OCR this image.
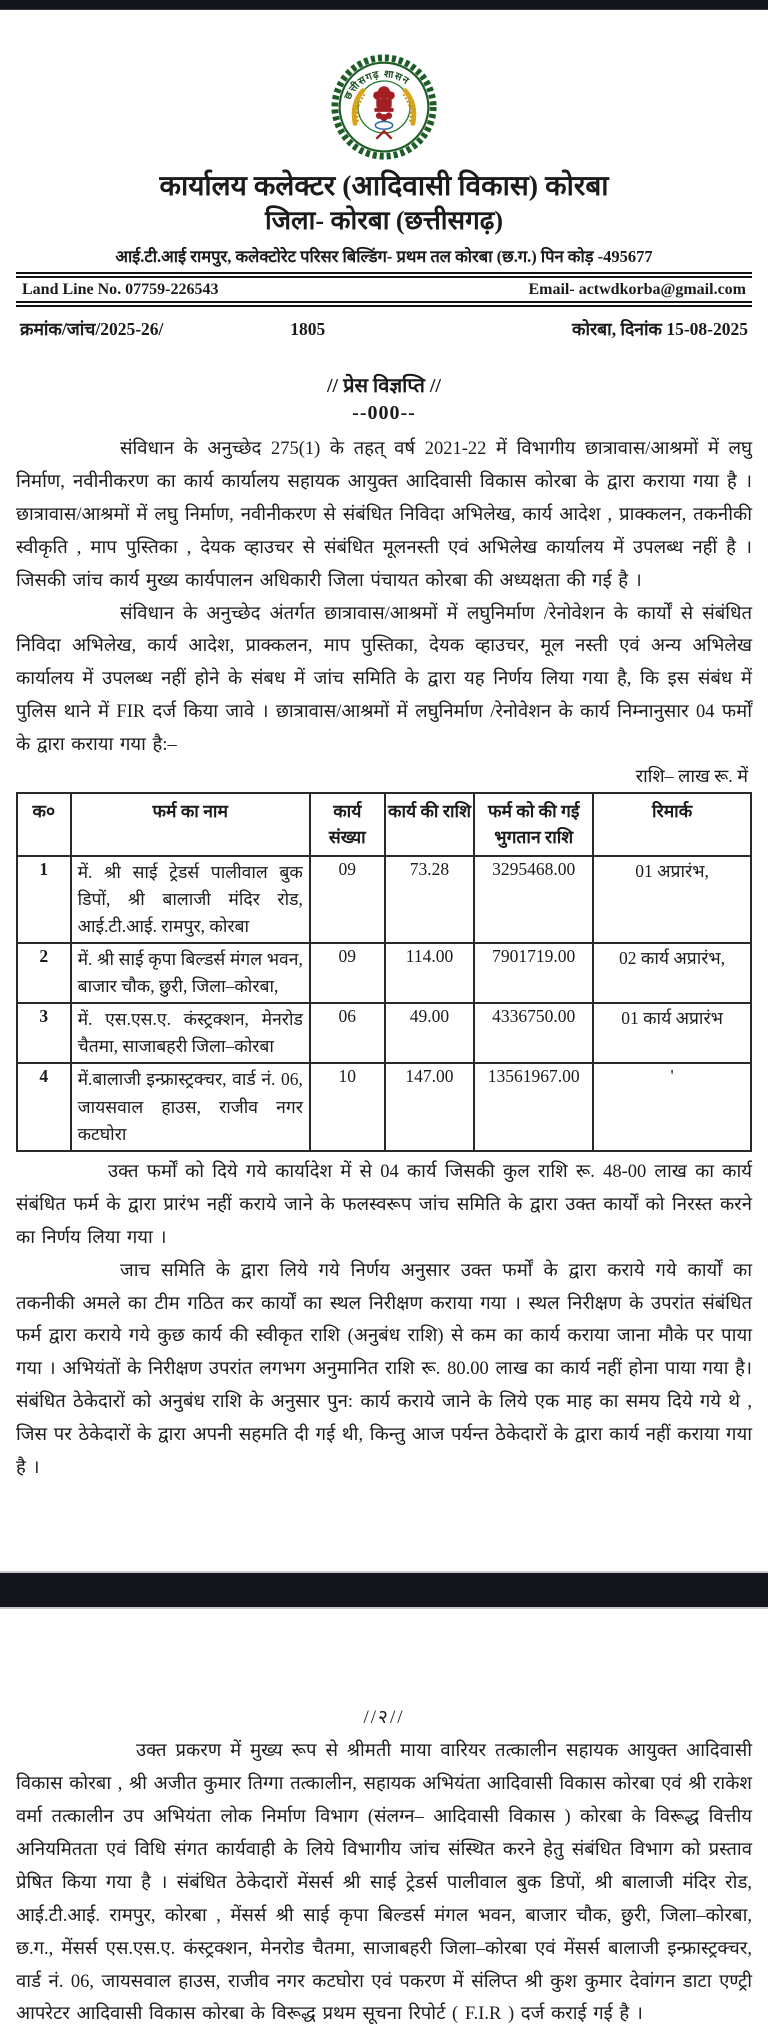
छत्तीसगढ़ शासन
कार्यालय कलेक्टर (आदिवासी विकास) कोरबा
जिला- कोरबा (छत्तीसगढ़)
आई.टी.आई रामपुर, कलेक्टोरेट परिसर बिल्डिंग- प्रथम तल कोरबा (छ.ग.) पिन कोड़ -495677
Land Line No. 07759-226543	Email- actwdkorba@gmail.com
क्रमांक/जांच/2025-26/	1805	कोरबा, दिनांक 15-08-2025
// प्रेस विज्ञप्ति //
--000--

संविधान के अनुच्छेद 275(1) के तहत् वर्ष 2021-22 में विभागीय छात्रावास/आश्रमों में लघु निर्माण, नवीनीकरण का कार्य कार्यालय सहायक आयुक्त आदिवासी विकास कोरबा के द्वारा कराया गया है । छात्रावास/आश्रमों में लघु निर्माण, नवीनीकरण से संबंधित निविदा अभिलेख, कार्य आदेश , प्राक्कलन, तकनीकी स्वीकृति , माप पुस्तिका , देयक व्हाउचर से संबंधित मूलनस्ती एवं अभिलेख कार्यालय में उपलब्ध नहीं है । जिसकी जांच कार्य मुख्य कार्यपालन अधिकारी जिला पंचायत कोरबा की अध्यक्षता की गई है ।

संविधान के अनुच्छेद अंतर्गत छात्रावास/आश्रमों में लघुनिर्माण /रेनोवेशन के कार्यों से संबंधित निविदा अभिलेख, कार्य आदेश, प्राक्कलन, माप पुस्तिका, देयक व्हाउचर, मूल नस्ती एवं अन्य अभिलेख कार्यालय में उपलब्ध नहीं होने के संबध में जांच समिति के द्वारा यह निर्णय लिया गया है, कि इस संबंध में पुलिस थाने में FIR दर्ज किया जावे । छात्रावास/आश्रमों में लघुनिर्माण /रेनोवेशन के कार्य निम्नानुसार 04 फर्मों के द्वारा कराया गया है:–

राशि– लाख रू. में
क०	फर्म का नाम	कार्य संख्या	कार्य की राशि	फर्म को की गई भुगतान राशि	रिमार्क
1	में. श्री साई ट्रेडर्स पालीवाल बुक डिपों, श्री बालाजी मंदिर रोड, आई.टी.आई. रामपुर, कोरबा	09	73.28	3295468.00	01 अप्रारंभ,
2	में. श्री साई कृपा बिल्डर्स मंगल भवन, बाजार चौक, छुरी, जिला–कोरबा,	09	114.00	7901719.00	02 कार्य अप्रारंभ,
3	में. एस.एस.ए. कंस्ट्रक्शन, मेनरोड चैतमा, साजाबहरी जिला–कोरबा	06	49.00	4336750.00	01 कार्य अप्रारंभ
4	में.बालाजी इन्फ्रास्ट्रक्चर, वार्ड नं. 06, जायसवाल हाउस, राजीव नगर कटघोरा	10	147.00	13561967.00	'

उक्त फर्मों को दिये गये कार्यादेश में से 04 कार्य जिसकी कुल राशि रू. 48-00 लाख का कार्य संबंधित फर्म के द्वारा प्रारंभ नहीं कराये जाने के फलस्वरूप जांच समिति के द्वारा उक्त कार्यों को निरस्त करने का निर्णय लिया गया ।

जाच समिति के द्वारा लिये गये निर्णय अनुसार उक्त फर्मों के द्वारा कराये गये कार्यों का तकनीकी अमले का टीम गठित कर कार्यों का स्थल निरीक्षण कराया गया । स्थल निरीक्षण के उपरांत संबंधित फर्म द्वारा कराये गये कुछ कार्य की स्वीकृत राशि (अनुबंध राशि) से कम का कार्य कराया जाना मौके पर पाया गया । अभियंतों के निरीक्षण उपरांत लगभग अनुमानित राशि रू. 80.00 लाख का कार्य नहीं होना पाया गया है। संबंधित ठेकेदारों को अनुबंध राशि के अनुसार पुन: कार्य कराये जाने के लिये एक माह का समय दिये गये थे , जिस पर ठेकेदारों के द्वारा अपनी सहमति दी गई थी, किन्तु आज पर्यन्त ठेकेदारों के द्वारा कार्य नहीं कराया गया है ।

//२//

उक्त प्रकरण में मुख्य रूप से श्रीमती माया वारियर तत्कालीन सहायक आयुक्त आदिवासी विकास कोरबा , श्री अजीत कुमार तिग्गा तत्कालीन, सहायक अभियंता आदिवासी विकास कोरबा एवं श्री राकेश वर्मा तत्कालीन उप अभियंता लोक निर्माण विभाग (संलग्न– आदिवासी विकास ) कोरबा के विरूद्ध वित्तीय अनियमितता एवं विधि संगत कार्यवाही के लिये विभागीय जांच संस्थित करने हेतु संबंधित विभाग को प्रस्ताव प्रेषित किया गया है । संबंधित ठेकेदारों मेंसर्स श्री साई ट्रेडर्स पालीवाल बुक डिपों, श्री बालाजी मंदिर रोड, आई.टी.आई. रामपुर, कोरबा , मेंसर्स श्री साई कृपा बिल्डर्स मंगल भवन, बाजार चौक, छुरी, जिला–कोरबा, छ.ग., मेंसर्स एस.एस.ए. कंस्ट्रक्शन, मेनरोड चैतमा, साजाबहरी जिला–कोरबा एवं मेंसर्स बालाजी इन्फ्रास्ट्रक्चर, वार्ड नं. 06, जायसवाल हाउस, राजीव नगर कटघोरा एवं पकरण में संलिप्त श्री कुश कुमार देवांगन डाटा एण्ट्री आपरेटर आदिवासी विकास कोरबा के विरूद्ध प्रथम सूचना रिपोर्ट ( F.I.R ) दर्ज कराई गई है ।
